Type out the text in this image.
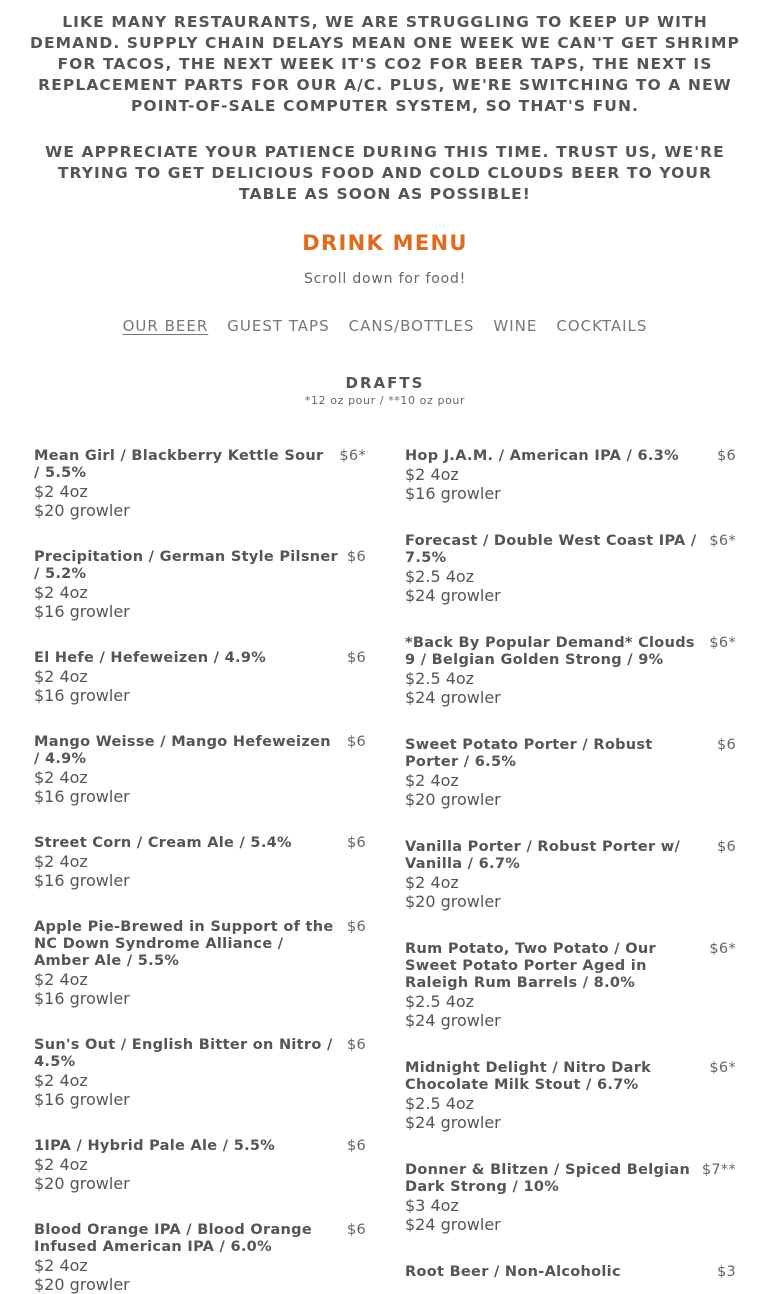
LIKE MANY RESTAURANTS, WE ARE STRUGGLING TO KEEP UP WITH DEMAND. SUPPLY CHAIN DELAYS MEAN ONE WEEK WE CAN'T GET SHRIMP FOR TACOS, THE NEXT WEEK IT'S CO2 FOR BEER TAPS, THE NEXT IS REPLACEMENT PARTS FOR OUR A/C. PLUS, WE'RE SWITCHING TO A NEW POINT-OF-SALE COMPUTER SYSTEM, SO THAT'S FUN.
WE APPRECIATE YOUR PATIENCE DURING THIS TIME. TRUST US, WE'RE TRYING TO GET DELICIOUS FOOD AND COLD CLOUDS BEER TO YOUR TABLE AS SOON AS POSSIBLE!
DRINK MENU
Scroll down for food!
OUR BEER GUEST TAPS CANS/BOTTLES WINE COCKTAILS
DRAFTS
*12 oz pour / **10 oz pour
Mean Girl / Blackberry Kettle Sour / 5.5%
$6*
$2 4oz
$20 growler
Precipitation / German Style Pilsner / 5.2%
$6
$2 4oz
$16 growler
El Hefe / Hefeweizen / 4.9%	$6
$2 4oz
$16 growler
Mango Weisse / Mango Hefeweizen / 4.9%
$6
$2 4oz
$16 growler
Street Corn / Cream Ale / 5.4%	$6
$2 4oz
$16 growler
Apple Pie-Brewed in Support of the NC Down Syndrome Alliance / Amber Ale / 5.5%
$6
$2 4oz
$16 growler
Sun's Out / English Bitter on Nitro / 4.5%
$6
$2 4oz
$16 growler
1IPA / Hybrid Pale Ale / 5.5%	$6
$2 4oz
$20 growler
Blood Orange IPA / Blood Orange Infused American IPA / 6.0%
$6
$2 4oz
$20 growler
Hop J.A.M. / American IPA / 6.3%	$6
$2 4oz
$16 growler
Forecast / Double West Coast IPA / 7.5%
$6*
$2.5 4oz
$24 growler
*Back By Popular Demand* Clouds 9 / Belgian Golden Strong / 9%
$6*
$2.5 4oz
$24 growler
Sweet Potato Porter / Robust Porter / 6.5%
$6
$2 4oz
$20 growler
Vanilla Porter / Robust Porter w/ Vanilla / 6.7%
$6
$2 4oz
$20 growler
Rum Potato, Two Potato / Our Sweet Potato Porter Aged in Raleigh Rum Barrels / 8.0%
$6*
$2.5 4oz
$24 growler
Midnight Delight / Nitro Dark Chocolate Milk Stout / 6.7%
$6*
$2.5 4oz
$24 growler
Donner & Blitzen / Spiced Belgian Dark Strong / 10%
$7**
$3 4oz
$24 growler
Root Beer / Non-Alcoholic	$3
